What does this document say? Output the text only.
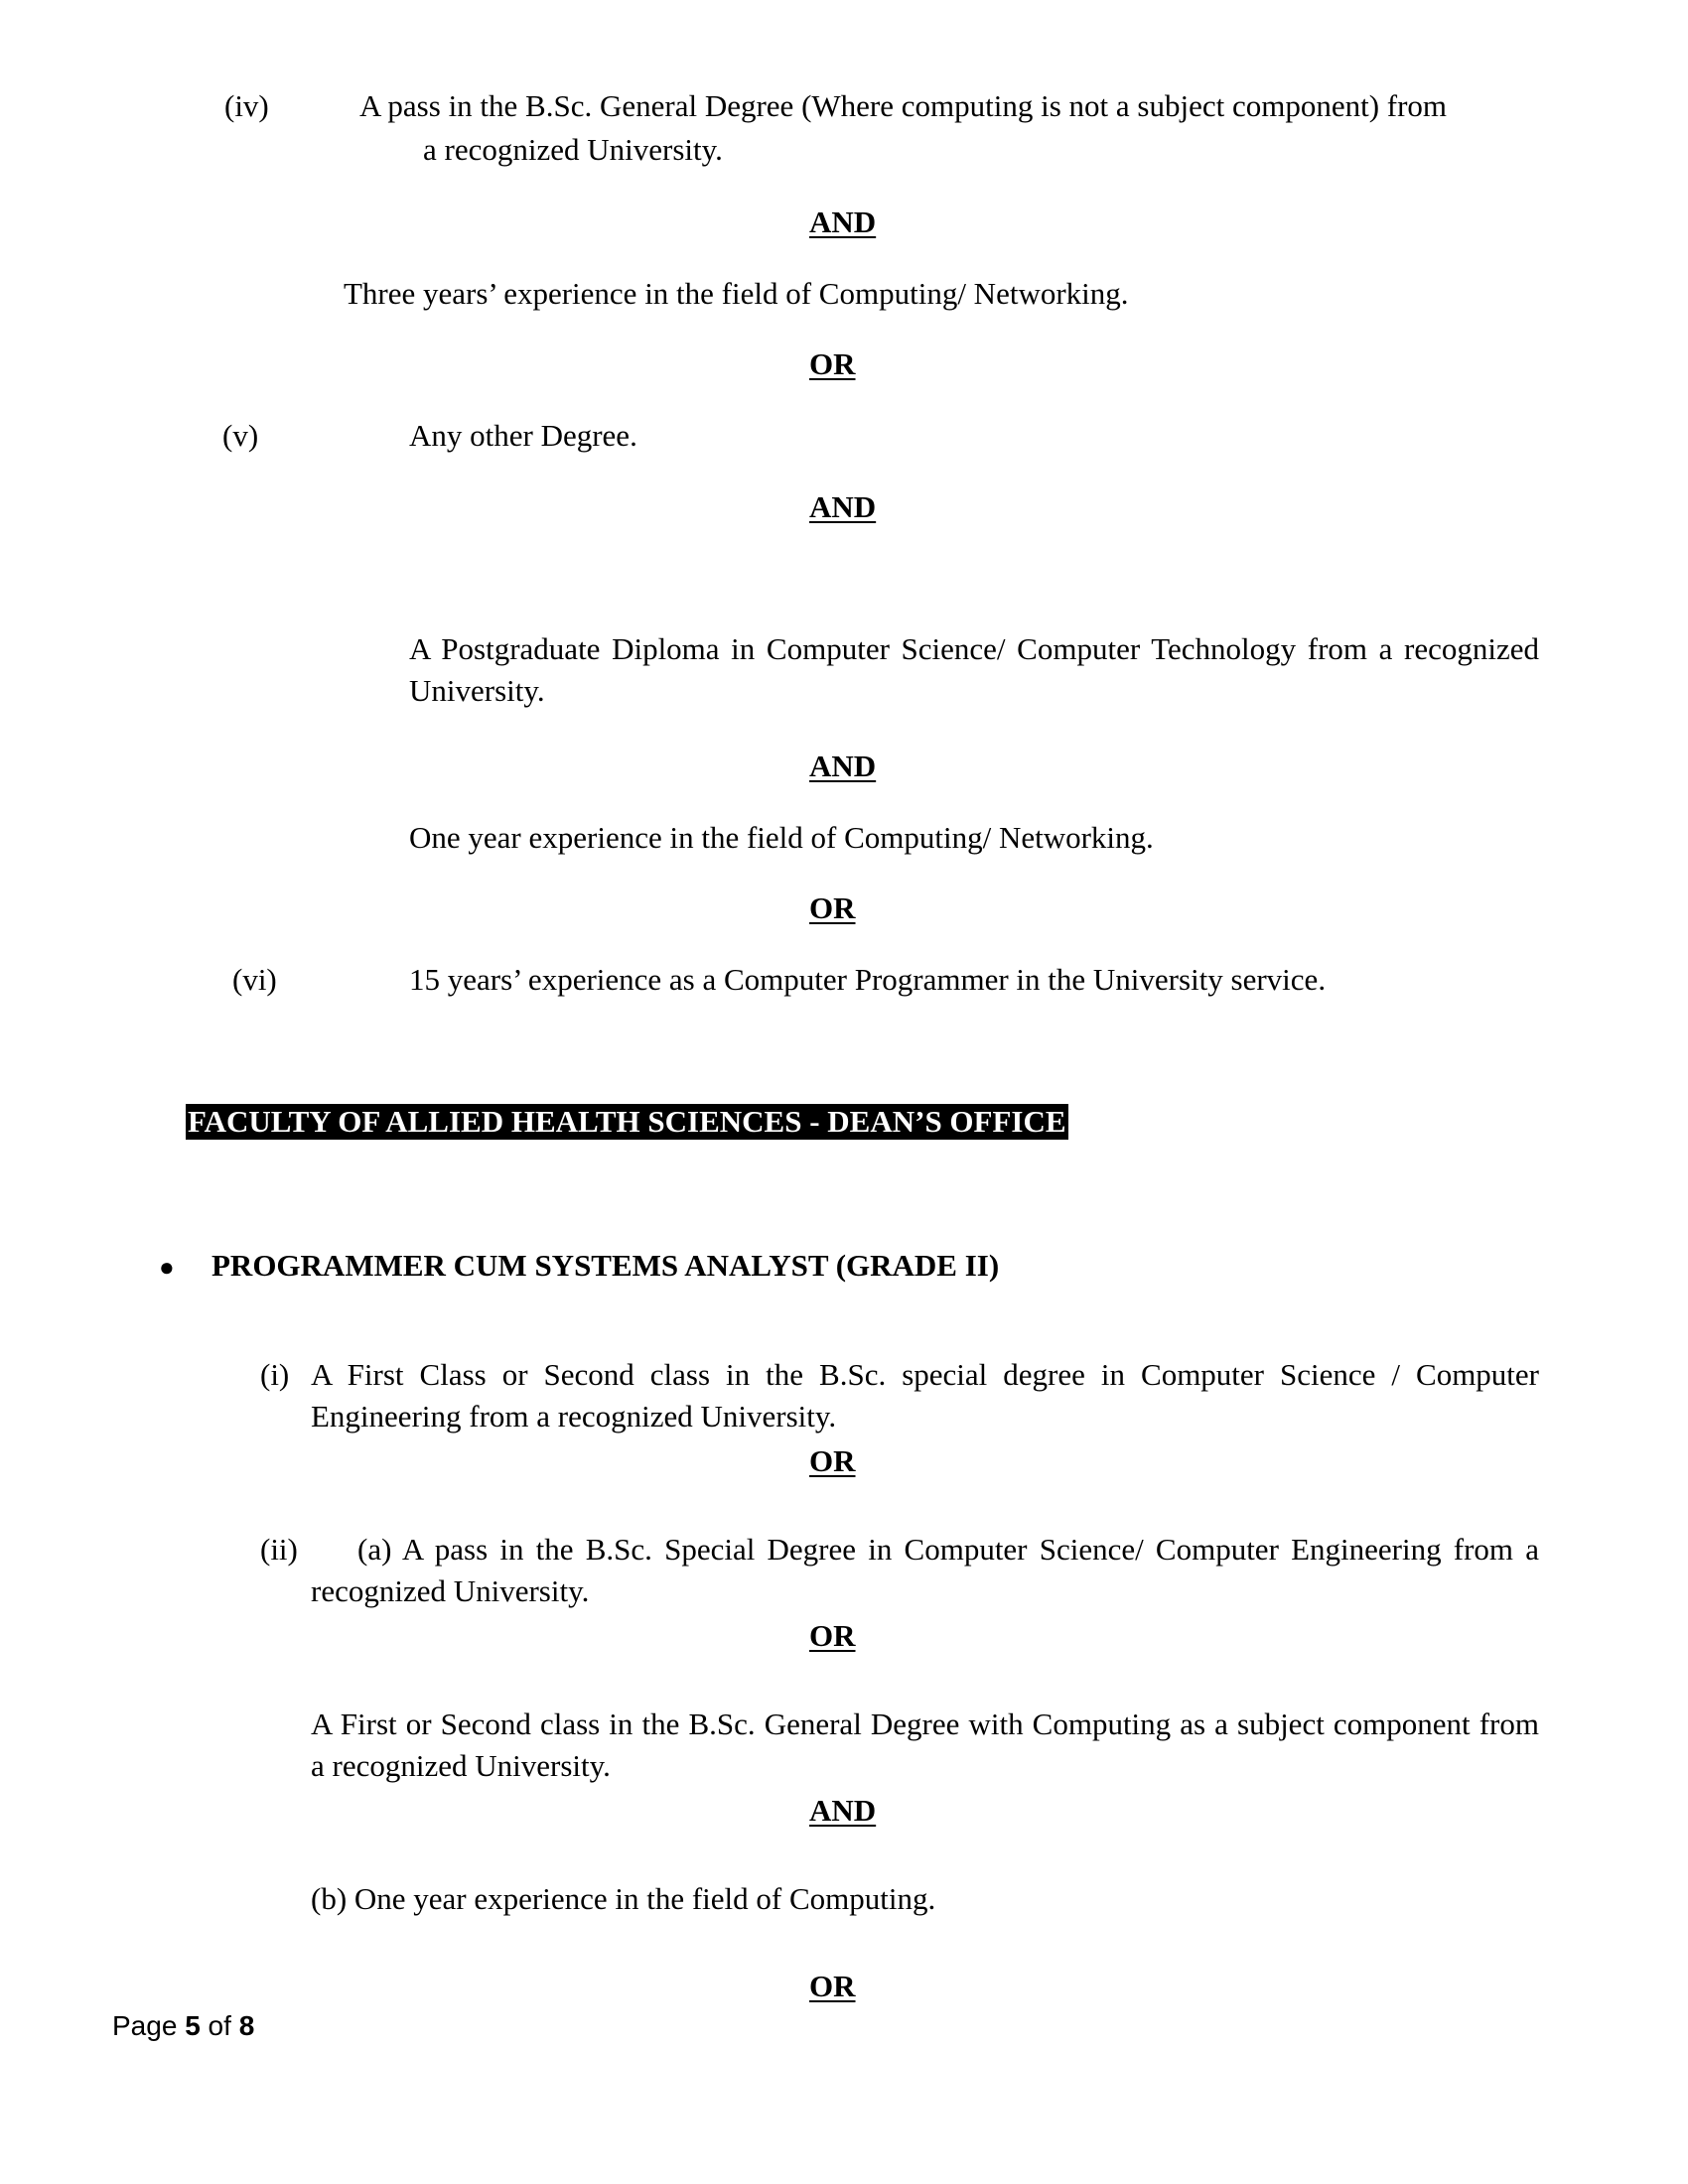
(iv)	A pass in the B.Sc. General Degree (Where computing is not a subject component) from
a recognized University.
AND
Three years’ experience in the field of Computing/ Networking.
OR
(v)	Any other Degree.
AND
A Postgraduate Diploma in Computer Science/ Computer Technology from a recognized University.
AND
One year experience in the field of Computing/ Networking.
OR
(vi)	15 years’ experience as a Computer Programmer in the University service.
FACULTY OF ALLIED HEALTH SCIENCES - DEAN’S OFFICE
● PROGRAMMER CUM SYSTEMS ANALYST (GRADE II)
(i) A First Class or Second class in the B.Sc. special degree in Computer Science / Computer Engineering from a recognized University.
OR
(ii)	(a) A pass in the B.Sc. Special Degree in Computer Science/ Computer Engineering from a recognized University.
OR
A First or Second class in the B.Sc. General Degree with Computing as a subject component from a recognized University.
AND
(b) One year experience in the field of Computing.
OR
Page 5 of 8
